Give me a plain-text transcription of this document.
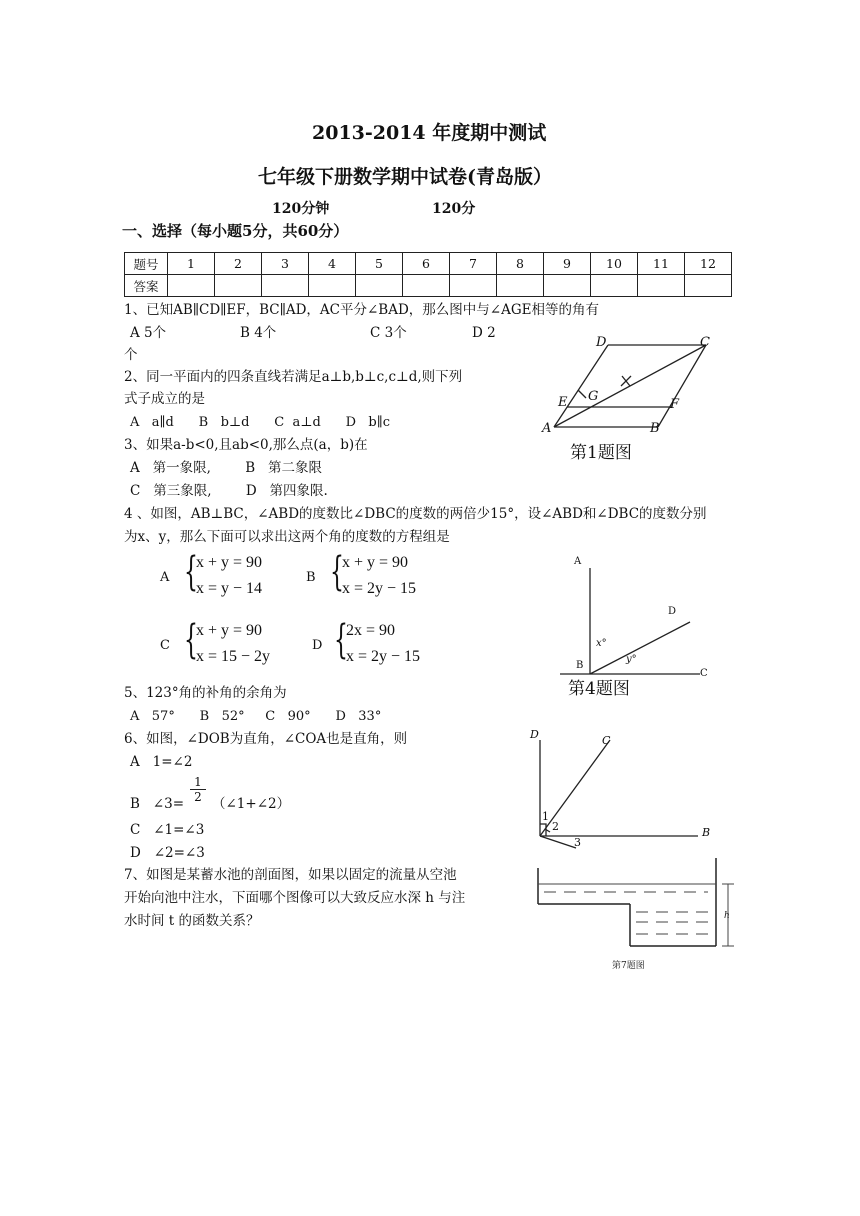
2013-2014 年度期中测试
七年级下册数学期中试卷(青岛版）
120分钟	120分
一、选择（每小题5分，共60分）
题号	1	2	3	4	5	6	7	8	9	10	11	12
答案												
1、已知AB∥CD∥EF，BC∥AD，AC平分∠BAD，那么图中与∠AGE相等的角有
A 5个	B 4个	C 3个	D 2
个
D	C
E G
F
A	B
第1题图
2、同一平面内的四条直线若满足a⊥b,b⊥c,c⊥d,则下列
式子成立的是
A   a∥d      B   b⊥d      C  a⊥d      D   b∥c
3、如果a-b<0,且ab<0,那么点(a，b)在
A   第一象限,        B   第二象限
C   第三象限,        D   第四象限.
4 、如图，AB⊥BC，∠ABD的度数比∠DBC的度数的两倍少15°，设∠ABD和∠DBC的度数分别
为x、y，那么下面可以求出这两个角的度数的方程组是
A {
x + y = 90
x = y − 14
B {
x + y = 90
x = 2y − 15
C {
x + y = 90
x = 15 − 2y
D {
2x = 90
x = 2y − 15
A
D
x°
y°
B
C
第4题图
5、123°角的补角的余角为
A   57°      B   52°     C   90°      D   33°
6、如图，∠DOB为直角，∠COA也是直角，则
A   1=∠2
B   ∠3= $\frac{1}{2}$ （∠1+∠2）
C   ∠1=∠3
D   ∠2=∠3
D	C
1
2	B
3
7、如图是某蓄水池的剖面图，如果以固定的流量从空池
开始向池中注水，下面哪个图像可以大致反应水深 h 与注
水时间 t 的函数关系？	h
第7题图
